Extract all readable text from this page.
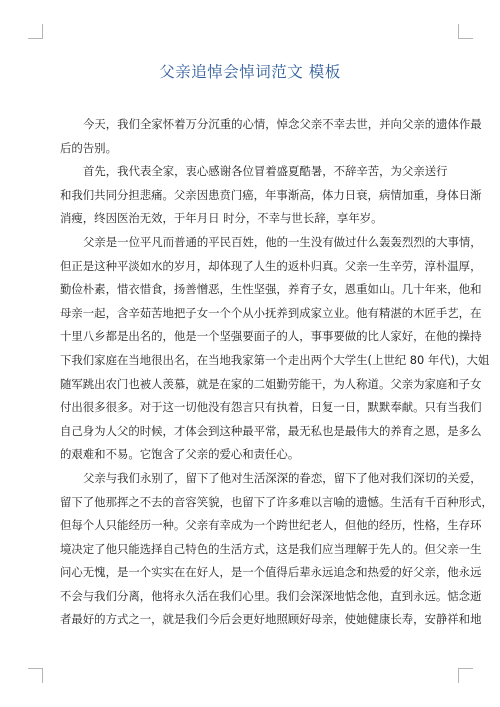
父亲追悼会悼词范文 模板
今天，我们全家怀着万分沉重的心情，悼念父亲不幸去世，并向父亲的遗体作最
后的告别。
首先，我代表全家，衷心感谢各位冒着盛夏酷暑，不辞辛苦，为父亲送行
和我们共同分担悲痛。父亲因患贲门癌，年事渐高，体力日衰，病情加重，身体日渐
消瘦，终因医治无效，于年月日 时分，不幸与世长辞，享年岁。
父亲是一位平凡而普通的平民百姓，他的一生没有做过什么轰轰烈烈的大事情，
但正是这种平淡如水的岁月，却体现了人生的返朴归真。父亲一生辛劳，淳朴温厚，
勤俭朴素，惜衣惜食，扬善憎恶，生性坚强，养育子女，恩重如山。几十年来，他和
母亲一起，含辛茹苦地把子女一个个从小抚养到成家立业。他有精湛的木匠手艺，在
十里八乡都是出名的，他是一个坚强要面子的人，事事要做的比人家好，在他的操持
下我们家庭在当地很出名，在当地我家第一个走出两个大学生(上世纪 80 年代)，大姐
随军跳出农门也被人羡慕，就是在家的二姐勤劳能干，为人称道。父亲为家庭和子女
付出很多很多。对于这一切他没有怨言只有执着，日复一日，默默奉献。只有当我们
自己身为人父的时候，才体会到这种最平常，最无私也是最伟大的养育之恩，是多么
的艰难和不易。它饱含了父亲的爱心和责任心。
父亲与我们永别了，留下了他对生活深深的眷恋，留下了他对我们深切的关爱，
留下了他那挥之不去的音容笑貌，也留下了许多难以言喻的遗憾。生活有千百种形式，
但每个人只能经历一种。父亲有幸成为一个跨世纪老人，但他的经历，性格，生存环
境决定了他只能选择自己特色的生活方式，这是我们应当理解于先人的。但父亲一生
问心无愧，是一个实实在在好人，是一个值得后辈永远追念和热爱的好父亲，他永远
不会与我们分离，他将永久活在我们心里。我们会深深地惦念他，直到永远。惦念逝
者最好的方式之一，就是我们今后会更好地照顾好母亲，使她健康长寿，安静祥和地
